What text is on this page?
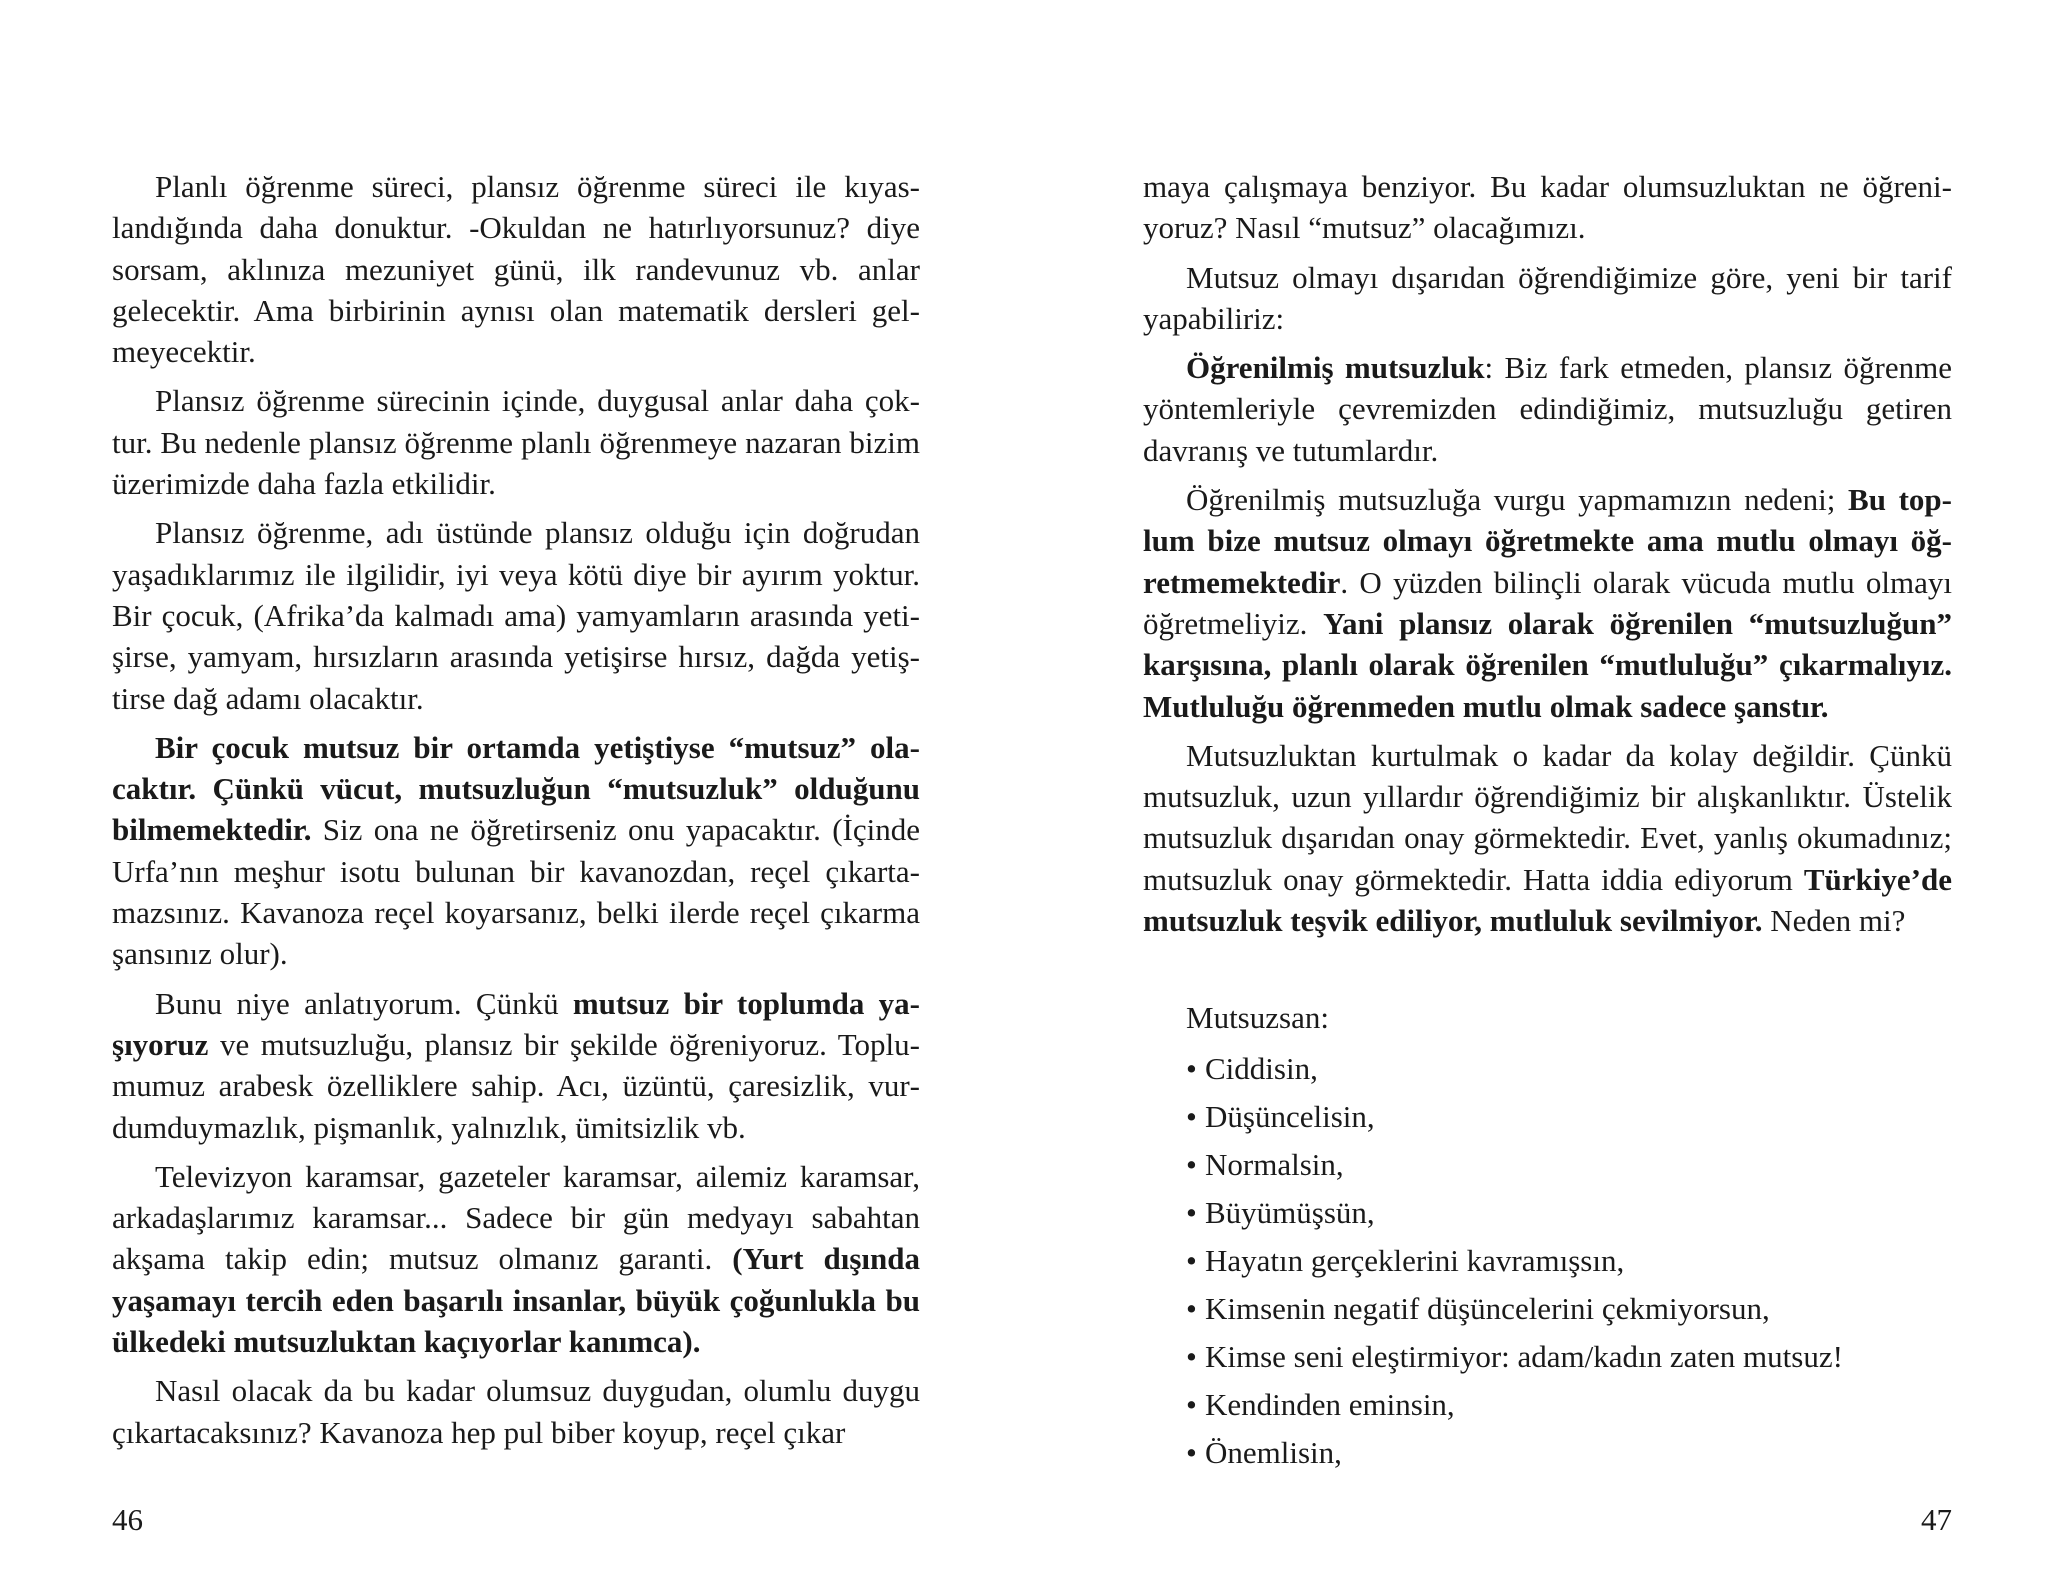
Planlı öğrenme süreci, plansız öğrenme süreci ile kıyaslandığında daha donuktur. -Okuldan ne hatırlıyorsunuz? diye sorsam, aklınıza mezuniyet günü, ilk randevunuz vb. anlar gelecektir. Ama birbirinin aynısı olan matematik dersleri gelmeyecektir.

Plansız öğrenme sürecinin içinde, duygusal anlar daha çoktur. Bu nedenle plansız öğrenme planlı öğrenmeye nazaran bizim üzerimizde daha fazla etkilidir.

Plansız öğrenme, adı üstünde plansız olduğu için doğrudan yaşadıklarımız ile ilgilidir, iyi veya kötü diye bir ayırım yoktur. Bir çocuk, (Afrika’da kalmadı ama) yamyamların arasında yetişirse, yamyam, hırsızların arasında yetişirse hırsız, dağda yetiştirse dağ adamı olacaktır.

Bir çocuk mutsuz bir ortamda yetiştiyse “mutsuz” olacaktır. Çünkü vücut, mutsuzluğun “mutsuzluk” olduğunu bilmemektedir. Siz ona ne öğretirseniz onu yapacaktır. (İçinde Urfa’nın meşhur isotu bulunan bir kavanozdan, reçel çıkartamazsınız. Kavanoza reçel koyarsanız, belki ilerde reçel çıkarma şansınız olur).

Bunu niye anlatıyorum. Çünkü mutsuz bir toplumda yaşıyoruz ve mutsuzluğu, plansız bir şekilde öğreniyoruz. Toplumumuz arabesk özelliklere sahip. Acı, üzüntü, çaresizlik, vurdumduymazlık, pişmanlık, yalnızlık, ümitsizlik vb.

Televizyon karamsar, gazeteler karamsar, ailemiz karamsar, arkadaşlarımız karamsar... Sadece bir gün medyayı sabahtan akşama takip edin; mutsuz olmanız garanti. (Yurt dışında yaşamayı tercih eden başarılı insanlar, büyük çoğunlukla bu ülkedeki mutsuzluktan kaçıyorlar kanımca).

Nasıl olacak da bu kadar olumsuz duygudan, olumlu duygu çıkartacaksınız? Kavanoza hep pul biber koyup, reçel çıkar

46

maya çalışmaya benziyor. Bu kadar olumsuzluktan ne öğreniyoruz? Nasıl “mutsuz” olacağımızı.

Mutsuz olmayı dışarıdan öğrendiğimize göre, yeni bir tarif yapabiliriz:

Öğrenilmiş mutsuzluk: Biz fark etmeden, plansız öğrenme yöntemleriyle çevremizden edindiğimiz, mutsuzluğu getiren davranış ve tutumlardır.

Öğrenilmiş mutsuzluğa vurgu yapmamızın nedeni; Bu toplum bize mutsuz olmayı öğretmekte ama mutlu olmayı öğretmemektedir. O yüzden bilinçli olarak vücuda mutlu olmayı öğretmeliyiz. Yani plansız olarak öğrenilen “mutsuzluğun” karşısına, planlı olarak öğrenilen “mutluluğu” çıkarmalıyız. Mutluluğu öğrenmeden mutlu olmak sadece şanstır.

Mutsuzluktan kurtulmak o kadar da kolay değildir. Çünkü mutsuzluk, uzun yıllardır öğrendiğimiz bir alışkanlıktır. Üstelik mutsuzluk dışarıdan onay görmektedir. Evet, yanlış okumadınız; mutsuzluk onay görmektedir. Hatta iddia ediyorum Türkiye’de mutsuzluk teşvik ediliyor, mutluluk sevilmiyor. Neden mi?

Mutsuzsan:
• Ciddisin,
• Düşüncelisin,
• Normalsin,
• Büyümüşsün,
• Hayatın gerçeklerini kavramışsın,
• Kimsenin negatif düşüncelerini çekmiyorsun,
• Kimse seni eleştirmiyor: adam/kadın zaten mutsuz!
• Kendinden eminsin,
• Önemlisin,
47
